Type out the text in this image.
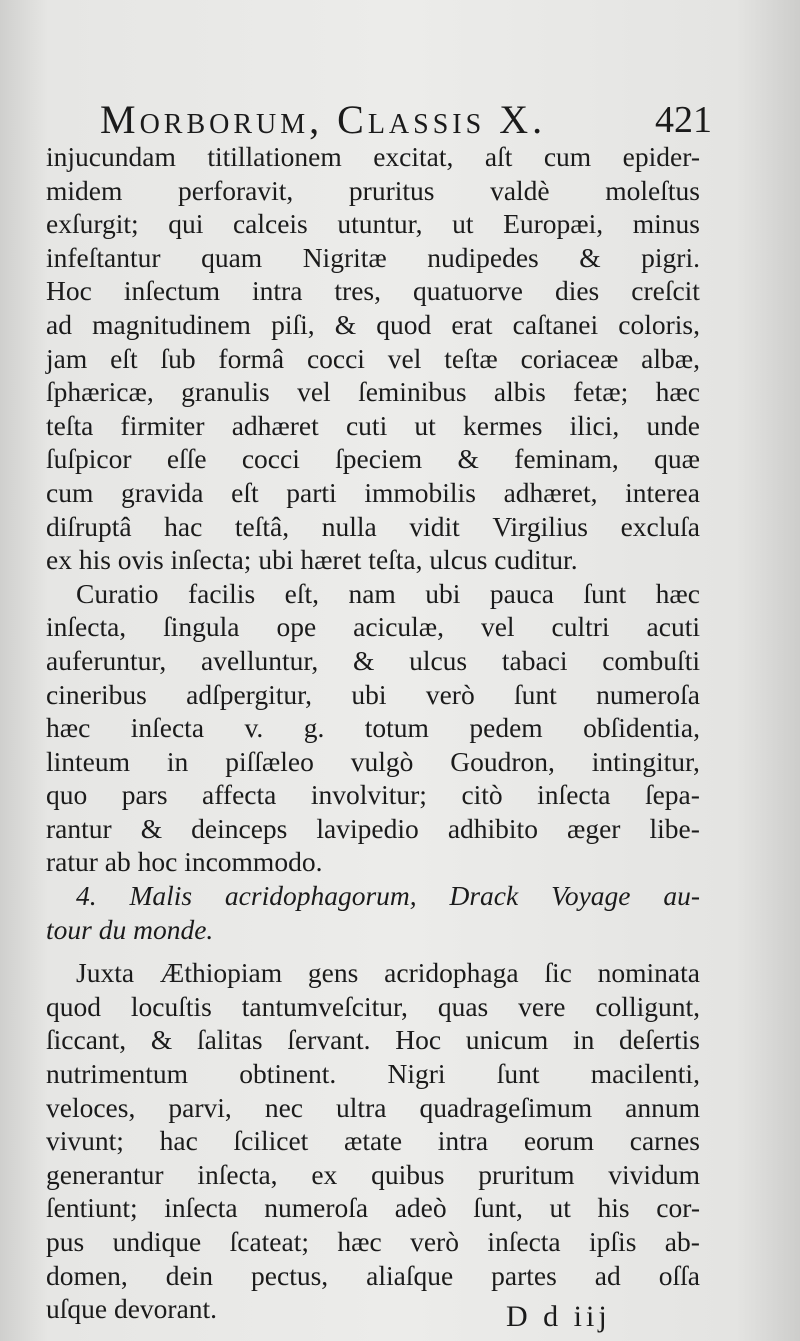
Morborum, Classis X.	421
injucundam titillationem excitat, aſt cum epider-
midem perforavit, pruritus valdè moleſtus
exſurgit; qui calceis utuntur, ut Europæi, minus
infeſtantur quam Nigritæ nudipedes & pigri.
Hoc inſectum intra tres, quatuorve dies creſcit
ad magnitudinem piſi, & quod erat caſtanei coloris,
jam eſt ſub formâ cocci vel teſtæ coriaceæ albæ,
ſphæricæ, granulis vel ſeminibus albis fetæ; hæc
teſta firmiter adhæret cuti ut kermes ilici, unde
ſuſpicor eſſe cocci ſpeciem & feminam, quæ
cum gravida eſt parti immobilis adhæret, interea
diſruptâ hac teſtâ, nulla vidit Virgilius excluſa
ex his ovis inſecta; ubi hæret teſta, ulcus cuditur.
Curatio facilis eſt, nam ubi pauca ſunt hæc
inſecta, ſingula ope aciculæ, vel cultri acuti
auferuntur, avelluntur, & ulcus tabaci combuſti
cineribus adſpergitur, ubi verò ſunt numeroſa
hæc inſecta v. g. totum pedem obſidentia,
linteum in piſſæleo vulgò Goudron, intingitur,
quo pars affecta involvitur; citò inſecta ſepa-
rantur & deinceps lavipedio adhibito æger libe-
ratur ab hoc incommodo.
4. Malis acridophagorum, Drack Voyage au-
tour du monde.
Juxta Æthiopiam gens acridophaga ſic nominata
quod locuſtis tantumveſcitur, quas vere colligunt,
ſiccant, & ſalitas ſervant. Hoc unicum in deſertis
nutrimentum obtinent. Nigri ſunt macilenti,
veloces, parvi, nec ultra quadrageſimum annum
vivunt; hac ſcilicet ætate intra eorum carnes
generantur inſecta, ex quibus pruritum vividum
ſentiunt; inſecta numeroſa adeò ſunt, ut his cor-
pus undique ſcateat; hæc verò inſecta ipſis ab-
domen, dein pectus, aliaſque partes ad oſſa
uſque devorant.	D d iij
